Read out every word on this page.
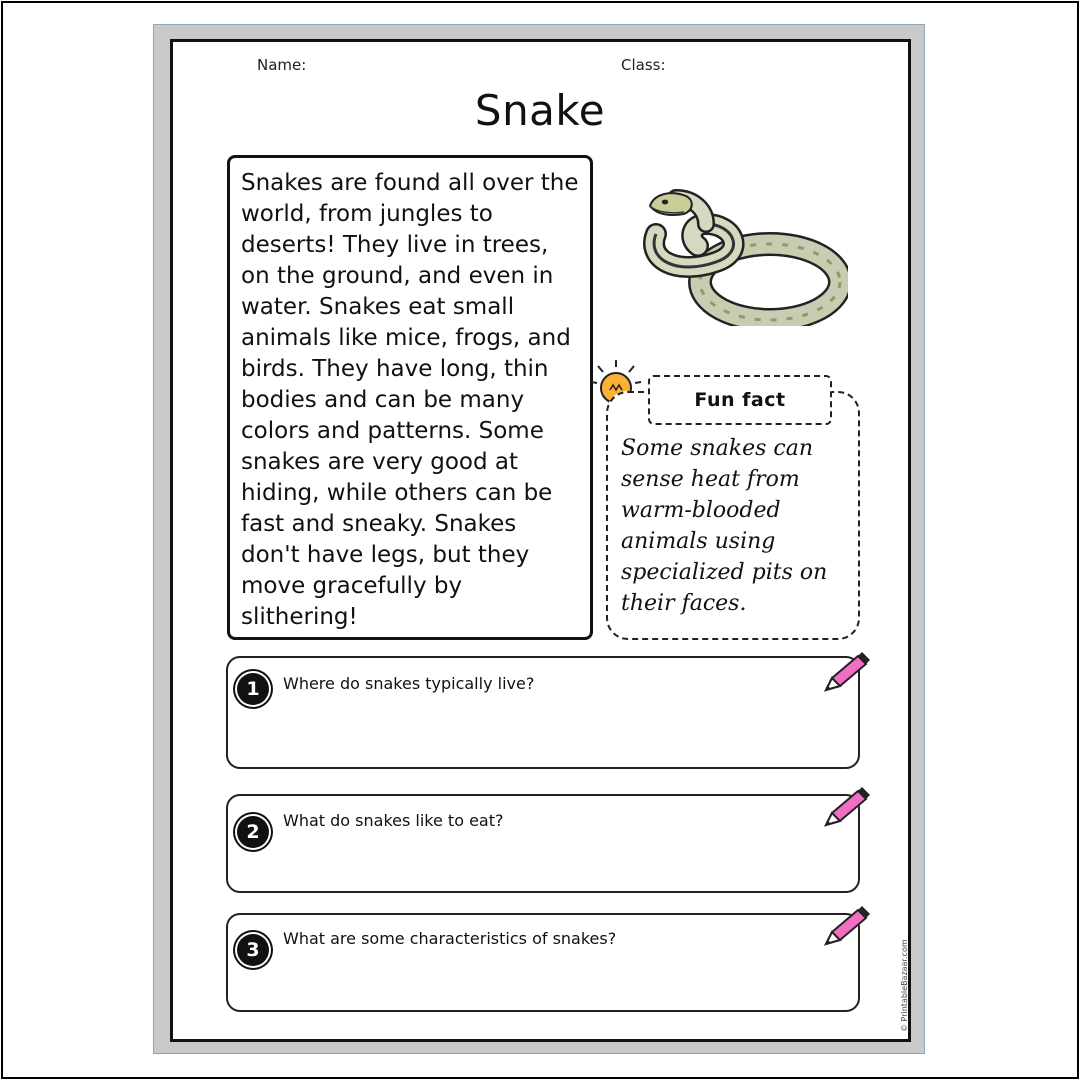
Name:	Class:
Snake

Snakes are found all over the world, from jungles to deserts! They live in trees, on the ground, and even in water. Snakes eat small animals like mice, frogs, and birds. They have long, thin bodies and can be many colors and patterns. Some snakes are very good at hiding, while others can be fast and sneaky. Snakes don't have legs, but they move gracefully by slithering!

Fun fact
Some snakes can sense heat from warm-blooded animals using specialized pits on their faces.
1	Where do snakes typically live?
2
What do snakes like to eat?
3
What are some characteristics of snakes?
© PrintableBazaar.com
